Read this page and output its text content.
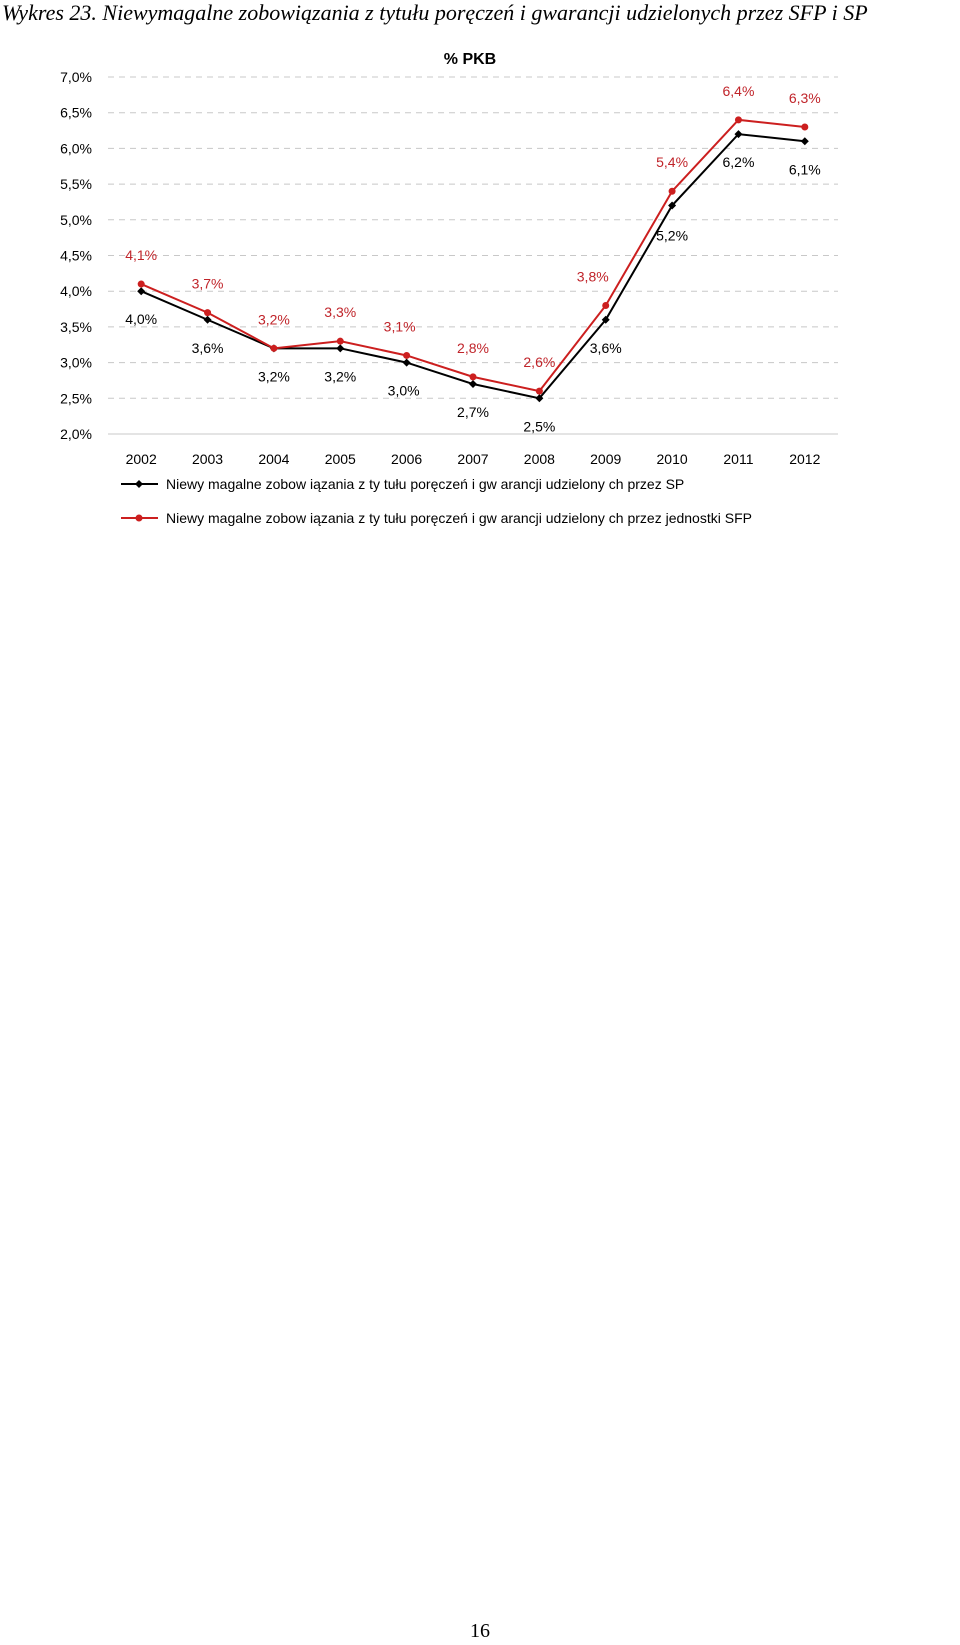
Wykres 23. Niewymagalne zobowiązania z tytułu poręczeń i gwarancji udzielonych przez SFP i SP
% PKB
2,0%
2,5%
3,0%
3,5%
4,0%
4,5%
5,0%
5,5%
6,0%
6,5%
7,0%
2002	2003	2004	2005	2006	2007	2008	2009	2010	2011	2012
4,0%
3,6%
3,2% 3,2%
3,0%
2,7%
2,5%
3,6%
5,2%
6,2% 6,1%
4,1%
3,7%
3,2% 3,3%
3,1%
2,8%
2,6%
3,8%
5,4%
6,4% 6,3%
Niewy magalne zobow iązania z ty tułu poręczeń i gw arancji udzielony ch przez SP
Niewy magalne zobow iązania z ty tułu poręczeń i gw arancji udzielony ch przez jednostki SFP
16
